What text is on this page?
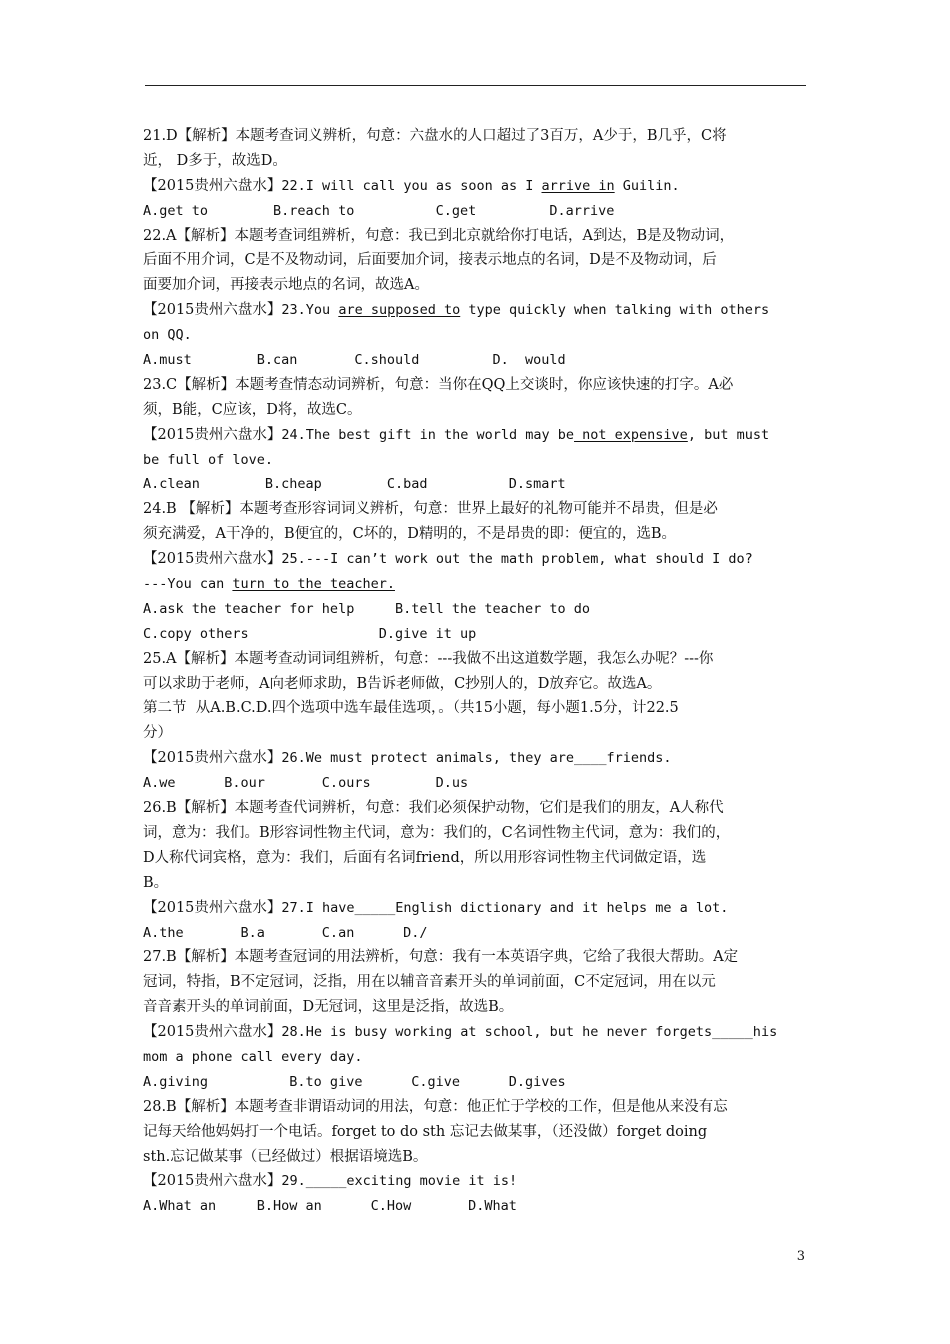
21.D【解析】本题考查词义辨析，句意：六盘水的人口超过了3百万，A少于，B几乎，C将
近， D多于，故选D。
【2015贵州六盘水】22.I will call you as soon as I arrive in Guilin.
A.get to        B.reach to          C.get         D.arrive
22.A【解析】本题考查词组辨析，句意：我已到北京就给你打电话，A到达，B是及物动词，
后面不用介词，C是不及物动词，后面要加介词，接表示地点的名词，D是不及物动词，后
面要加介词，再接表示地点的名词，故选A。
【2015贵州六盘水】23.You are supposed to type quickly when talking with others
on QQ.
A.must        B.can       C.should         D.  would
23.C【解析】本题考查情态动词辨析，句意：当你在QQ上交谈时，你应该快速的打字。A必
须，B能，C应该，D将，故选C。
【2015贵州六盘水】24.The best gift in the world may be not expensive, but must
be full of love.
A.clean        B.cheap        C.bad          D.smart
24.B 【解析】本题考查形容词词义辨析，句意：世界上最好的礼物可能并不昂贵，但是必
须充满爱，A干净的，B便宜的，C坏的，D精明的，不是昂贵的即：便宜的，选B。
【2015贵州六盘水】25.---I can’t work out the math problem, what should I do?
---You can turn to the teacher.
A.ask the teacher for help     B.tell the teacher to do
C.copy others                D.give it up
25.A【解析】本题考查动词词组辨析，句意：---我做不出这道数学题，我怎么办呢？---你
可以求助于老师，A向老师求助，B告诉老师做，C抄别人的，D放弃它。故选A。
第二节  从A.B.C.D.四个选项中选车最佳选项，。（共15小题，每小题1.5分，计22.5
分）
【2015贵州六盘水】26.We must protect animals, they are____friends.
A.we      B.our       C.ours        D.us
26.B【解析】本题考查代词辨析，句意：我们必须保护动物，它们是我们的朋友，A人称代
词，意为：我们。B形容词性物主代词，意为：我们的，C名词性物主代词，意为：我们的，
D人称代词宾格，意为：我们，后面有名词friend，所以用形容词性物主代词做定语，选
B。
【2015贵州六盘水】27.I have_____English dictionary and it helps me a lot.
A.the       B.a       C.an      D./
27.B【解析】本题考查冠词的用法辨析，句意：我有一本英语字典，它给了我很大帮助。A定
冠词，特指，B不定冠词，泛指，用在以辅音音素开头的单词前面，C不定冠词，用在以元
音音素开头的单词前面，D无冠词，这里是泛指，故选B。
【2015贵州六盘水】28.He is busy working at school, but he never forgets_____his
mom a phone call every day.
A.giving          B.to give      C.give      D.gives
28.B【解析】本题考查非谓语动词的用法，句意：他正忙于学校的工作，但是他从来没有忘
记每天给他妈妈打一个电话。forget to do sth 忘记去做某事，（还没做）forget doing
sth.忘记做某事（已经做过）根据语境选B。
【2015贵州六盘水】29._____exciting movie it is!
A.What an     B.How an      C.How       D.What
3
